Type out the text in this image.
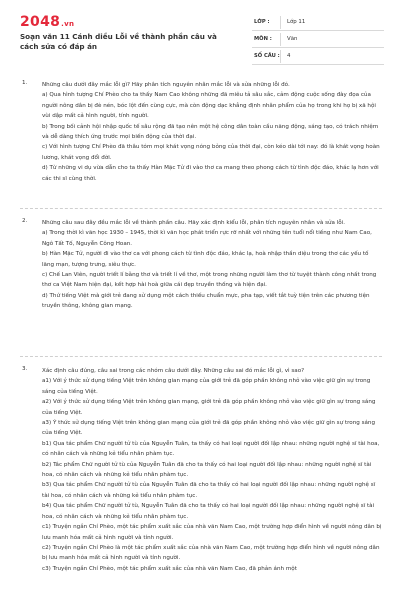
2048.vn
Soạn văn 11 Cánh diều Lỗi về thành phần câu và cách sửa có đáp án
LỚP :	Lớp 11
MÔN :	Văn
SỐ CÂU : 4
1.	Những câu dưới đây mắc lỗi gì? Hãy phân tích nguyên nhân mắc lỗi và sửa những lỗi đó.

a) Qua hình tượng Chí Phèo cho ta thấy Nam Cao không những đã miêu tả sâu sắc, cảm động cuộc sống đày đọa của người nông dân bị đè nén, bóc lột đến cùng cực, mà còn động dạc khẳng định nhân phẩm của họ trong khi họ bị xã hội vùi dập mất cả hình người, tính người.

b) Trong bối cảnh hội nhập quốc tế sâu rộng đã tạo nên một hệ công dân toàn cầu năng động, sáng tạo, có trách nhiệm và dễ dàng thích ứng trước mọi biến động của thời đại.

c) Với hình tượng Chí Phèo đã thâu tóm mọi khát vọng nóng bỏng của thời đại, còn kéo dài tới nay: đó là khát vọng hoàn lương, khát vọng đổi đời.

d) Từ những vi dụ vừa dẫn cho ta thấy Hàn Mặc Tử đi vào thơ ca mang theo phong cách từ tình độc đáo, khác lạ hơn với các thi sĩ cùng thời.

2.	Những câu sau đây đều mắc lỗi về thành phần câu. Hãy xác định kiểu lỗi, phân tích nguyên nhân và sửa lỗi.

a) Trong thời kì văn học 1930 – 1945, thời kì văn học phát triển rực rỡ nhất với những tên tuổi nổi tiếng như Nam Cao, Ngô Tất Tố, Nguyễn Công Hoan.

b) Hàn Mặc Tử, người đi vào thơ ca với phong cách từ tình độc đáo, khác lạ, hoà nhập thần diệu trong thơ các yếu tố lãng mạn, tượng trưng, siêu thực.

c) Chế Lan Viên, người triết lí bằng thơ và triết lí về thơ, một trong những người làm thơ từ tuyệt thành công nhất trong thơ ca Việt Nam hiện đại, kết hợp hài hoà giữa cái đẹp truyền thống và hiện đại.

d) Thứ tiếng Việt mà giới trẻ đang sử dụng một cách thiếu chuẩn mực, pha tạp, viết tắt tuỳ tiện trên các phương tiện truyền thông, không gian mạng.

3.	Xác định câu đúng, câu sai trong các nhóm câu dưới đây. Những câu sai đó mắc lỗi gì, vì sao?

a1) Với ý thức sử dụng tiếng Việt trên không gian mạng của giới trẻ đã góp phần không nhỏ vào việc giữ gìn sự trong sáng của tiếng Việt.

a2) Với ý thức sử dụng tiếng Việt trên không gian mạng, giới trẻ đã góp phần không nhỏ vào việc giữ gìn sự trong sáng của tiếng Việt.

a3) Ý thức sử dụng tiếng Việt trên không gian mạng của giới trẻ đã góp phần không nhỏ vào việc giữ gìn sự trong sáng của tiếng Việt.

b1) Qua tác phẩm Chữ người tử tù của Nguyễn Tuân, ta thấy có hai loại người đối lập nhau: những người nghệ sĩ tài hoa, có nhân cách và những kẻ tiểu nhân phàm tục.

b2) Tác phẩm Chữ người tử tù của Nguyễn Tuân đã cho ta thấy có hai loại người đối lập nhau: những người nghệ sĩ tài hoa, có nhân cách và những kẻ tiểu nhân phàm tục.

b3) Qua tác phẩm Chữ người tử tù của Nguyễn Tuân đã cho ta thấy có hai loại người đối lập nhau: những người nghệ sĩ tài hoa, có nhân cách và những kẻ tiểu nhân phàm tục.

b4) Qua tác phẩm Chữ người tử tù, Nguyễn Tuân đã cho ta thấy có hai loại người đối lập nhau: những người nghệ sĩ tài hoa, có nhân cách và những kẻ tiểu nhân phàm tục.

c1) Truyện ngắn Chí Phèo, một tác phẩm xuất sắc của nhà văn Nam Cao, một trường hợp điển hình về người nông dân bị lưu manh hóa mất cả hình người và tính người.

c2) Truyện ngắn Chí Phèo là một tác phẩm xuất sắc của nhà văn Nam Cao, một trường hợp điển hình về người nông dân bị lưu manh hóa mất cả hình người và tính người.

c3) Truyện ngắn Chí Phèo, một tác phẩm xuất sắc của nhà văn Nam Cao, đã phản ánh một
